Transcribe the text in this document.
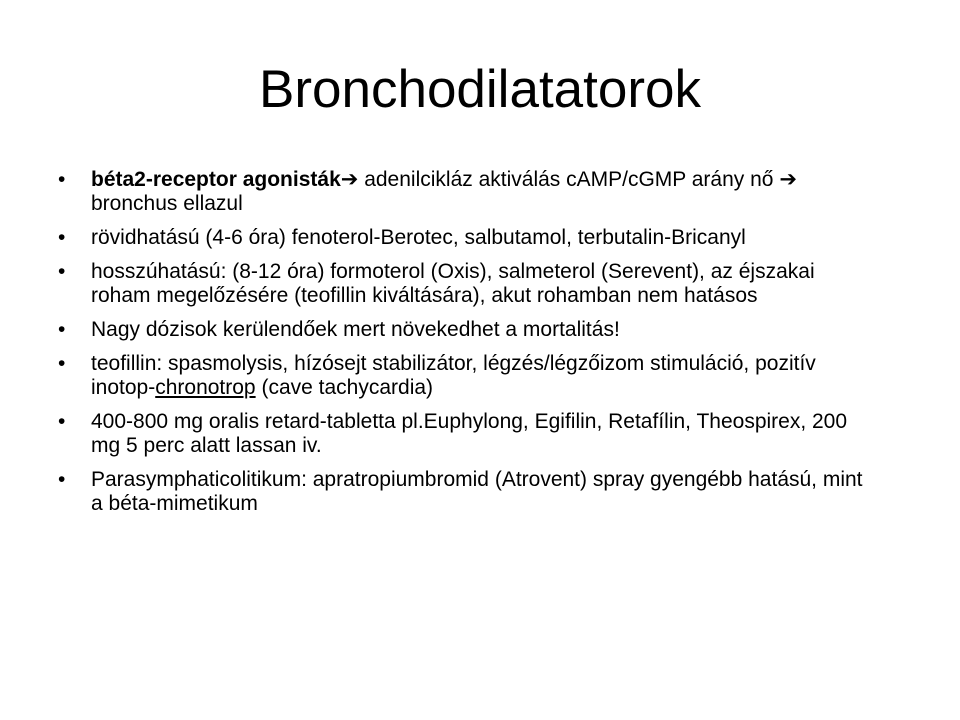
Bronchodilatatorok
•	béta2-receptor agonisták➔ adenilcikláz aktiválás cAMP/cGMP arány nő ➔ bronchus ellazul
•	rövidhatású (4-6 óra) fenoterol-Berotec, salbutamol, terbutalin-Bricanyl
•	hosszúhatású: (8-12 óra) formoterol (Oxis), salmeterol (Serevent), az éjszakai roham megelőzésére (teofillin kiváltására), akut rohamban nem hatásos
•	Nagy dózisok kerülendőek mert növekedhet a mortalitás!
•	teofillin: spasmolysis, hízósejt stabilizátor, légzés/légzőizom stimuláció, pozitív inotop-chronotrop (cave tachycardia)
•	400-800 mg oralis retard-tabletta pl.Euphylong, Egifilin, Retafílin, Theospirex, 200 mg 5 perc alatt lassan iv.
•	Parasymphaticolitikum: apratropiumbromid (Atrovent) spray gyengébb hatású, mint a béta-mimetikum
